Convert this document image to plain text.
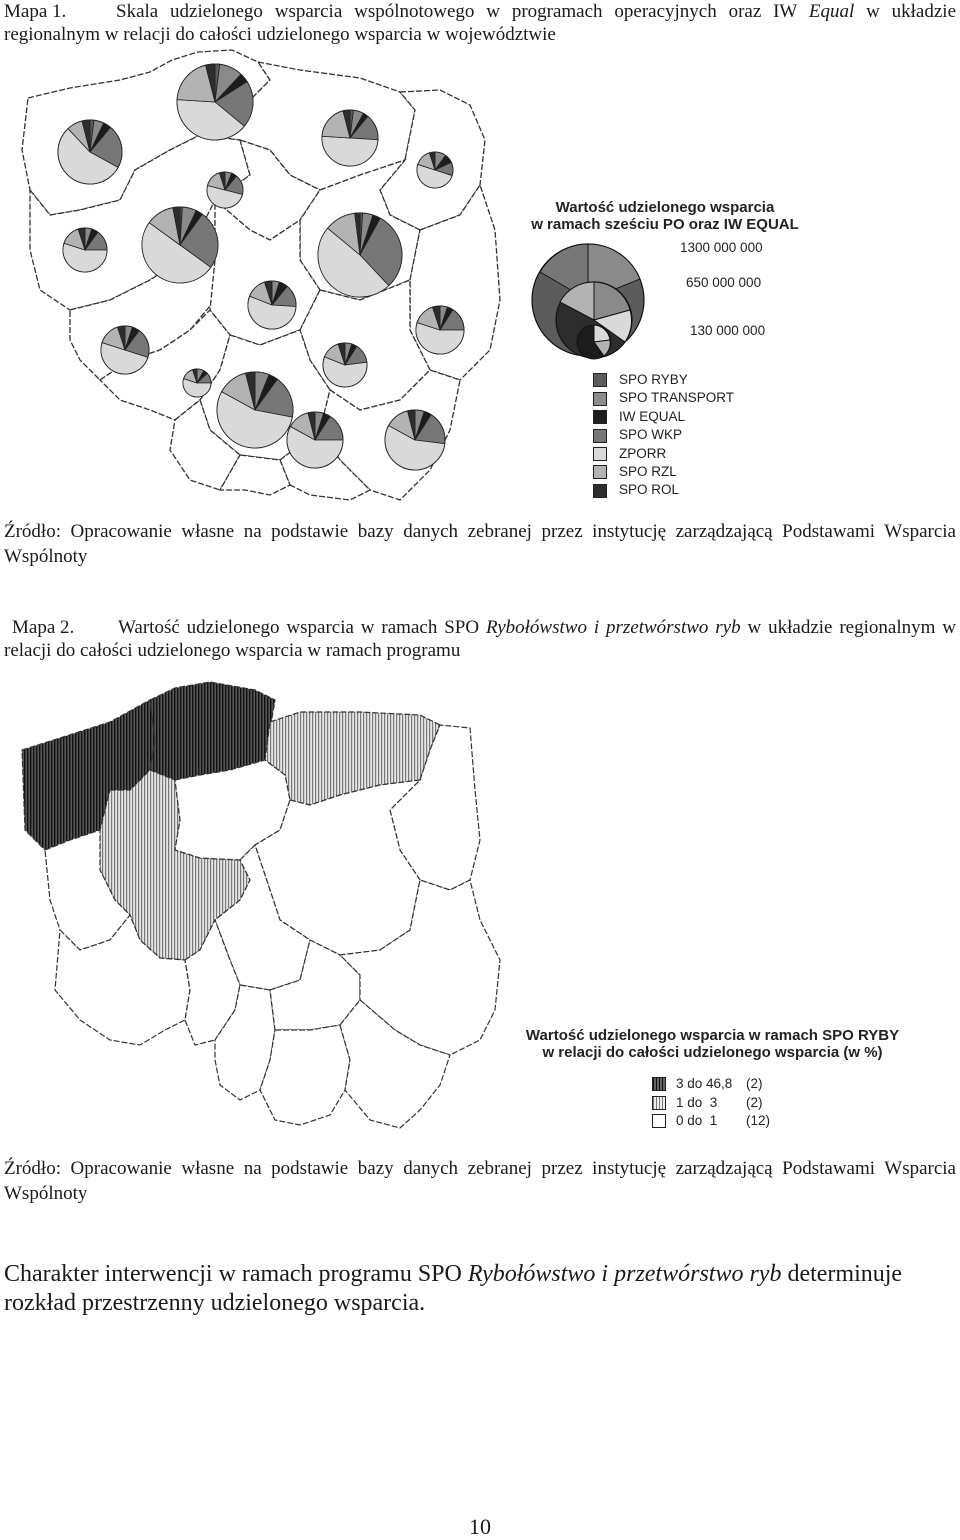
Mapa 1.	Skala udzielonego wsparcia wspólnotowego w programach operacyjnych oraz IW Equal w układzie regionalnym w relacji do całości udzielonego wsparcia w województwie
Wartość udzielonego wsparcia
w ramach sześciu PO oraz IW EQUAL
1300 000 000
650 000 000
130 000 000
SPO RYBY
SPO TRANSPORT
IW EQUAL
SPO WKP
ZPORR
SPO RZL
SPO ROL
Źródło: Opracowanie własne na podstawie bazy danych zebranej przez instytucję zarządzającą Podstawami Wsparcia Wspólnoty
Mapa 2. Wartość udzielonego wsparcia w ramach SPO Rybołówstwo i przetwórstwo ryb w układzie regionalnym w relacji do całości udzielonego wsparcia w ramach programu
Wartość udzielonego wsparcia w ramach SPO RYBY
w relacji do całości udzielonego wsparcia (w %)
3 do 46,8 (2)
1 do  3 (2)
0 do  1 (12)
Źródło: Opracowanie własne na podstawie bazy danych zebranej przez instytucję zarządzającą Podstawami Wsparcia Wspólnoty
Charakter interwencji w ramach programu SPO Rybołówstwo i przetwórstwo ryb determinuje rozkład przestrzenny udzielonego wsparcia.
10
